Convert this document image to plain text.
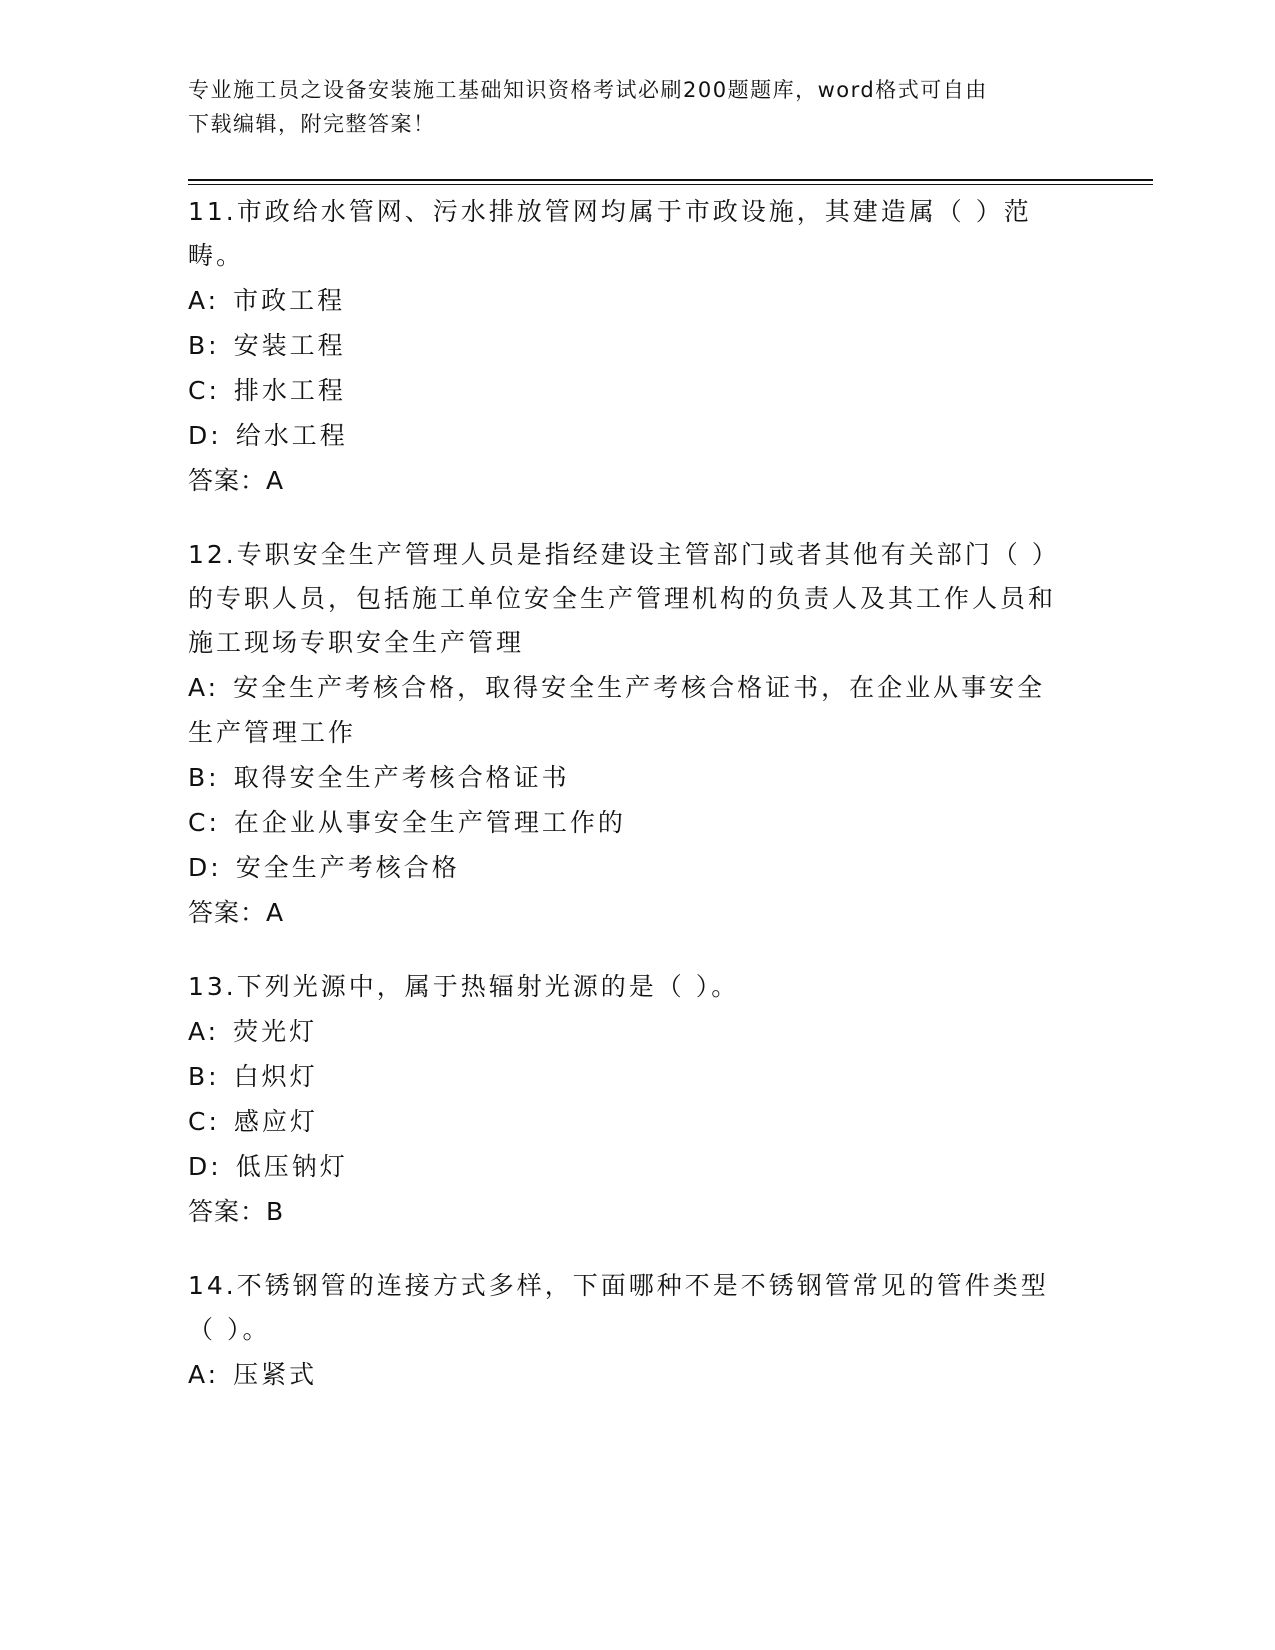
专业施工员之设备安装施工基础知识资格考试必刷200题题库，word格式可自由
下载编辑，附完整答案！

11.市政给水管网、污水排放管网均属于市政设施，其建造属（ ）范畴。

A: 市政工程

B: 安装工程

C: 排水工程

D: 给水工程

答案：A

12.专职安全生产管理人员是指经建设主管部门或者其他有关部门（ ）的专职人员，包括施工单位安全生产管理机构的负责人及其工作人员和施工现场专职安全生产管理

A: 安全生产考核合格，取得安全生产考核合格证书，在企业从事安全生产管理工作

B: 取得安全生产考核合格证书

C: 在企业从事安全生产管理工作的

D: 安全生产考核合格

答案：A

13.下列光源中，属于热辐射光源的是（ ）。

A: 荧光灯

B: 白炽灯

C: 感应灯

D: 低压钠灯

答案：B

14.不锈钢管的连接方式多样，下面哪种不是不锈钢管常见的管件类型（ ）。

A: 压紧式
